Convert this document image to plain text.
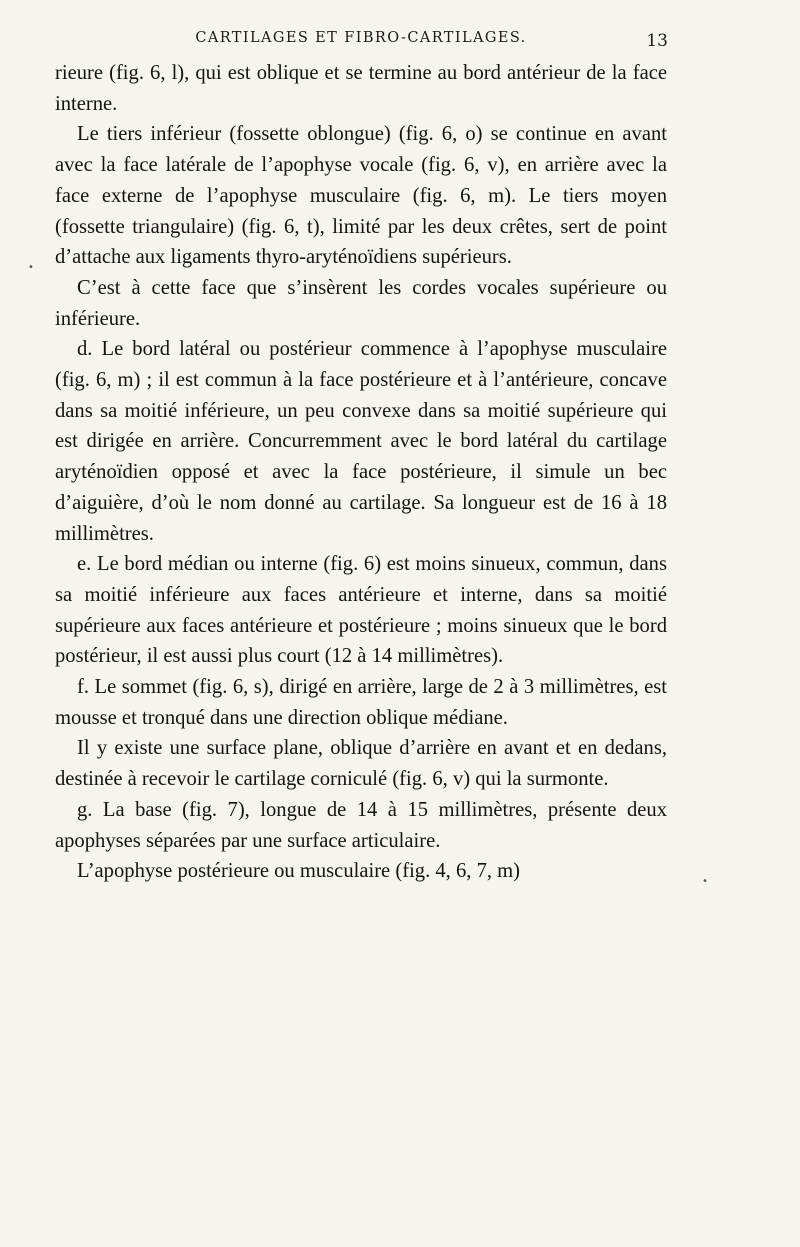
CARTILAGES ET FIBRO-CARTILAGES.	13

rieure (fig. 6, l), qui est oblique et se termine au bord antérieur de la face interne.

Le tiers inférieur (fossette oblongue) (fig. 6, o) se continue en avant avec la face latérale de l’apophyse vocale (fig. 6, v), en arrière avec la face externe de l’apophyse musculaire (fig. 6, m). Le tiers moyen (fossette triangulaire) (fig. 6, t), limité par les deux crêtes, sert de point d’attache aux ligaments thyro-aryténoïdiens supérieurs.

C’est à cette face que s’insèrent les cordes vocales supérieure ou inférieure.

d. Le bord latéral ou postérieur commence à l’apophyse musculaire (fig. 6, m) ; il est commun à la face postérieure et à l’antérieure, concave dans sa moitié inférieure, un peu convexe dans sa moitié supérieure qui est dirigée en arrière. Concurremment avec le bord latéral du cartilage aryténoïdien opposé et avec la face postérieure, il simule un bec d’aiguière, d’où le nom donné au cartilage. Sa longueur est de 16 à 18 millimètres.

e. Le bord médian ou interne (fig. 6) est moins sinueux, commun, dans sa moitié inférieure aux faces antérieure et interne, dans sa moitié supérieure aux faces antérieure et postérieure ; moins sinueux que le bord postérieur, il est aussi plus court (12 à 14 millimètres).

f. Le sommet (fig. 6, s), dirigé en arrière, large de 2 à 3 millimètres, est mousse et tronqué dans une direction oblique médiane.

Il y existe une surface plane, oblique d’arrière en avant et en dedans, destinée à recevoir le cartilage corniculé (fig. 6, v) qui la surmonte.

g. La base (fig. 7), longue de 14 à 15 millimètres, présente deux apophyses séparées par une surface articulaire.

L’apophyse postérieure ou musculaire (fig. 4, 6, 7, m)

•
•
